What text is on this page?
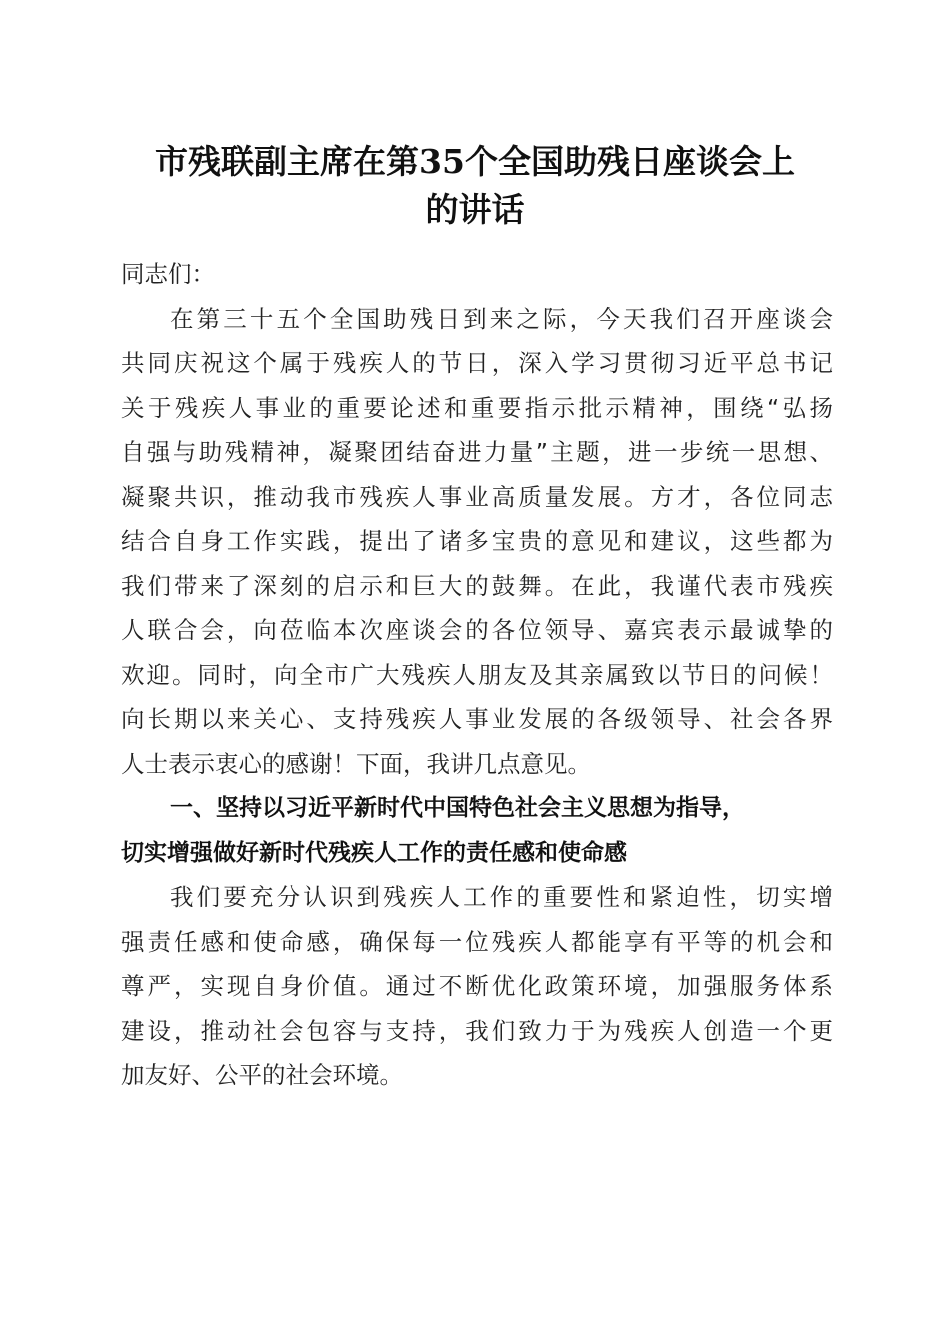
市残联副主席在第35个全国助残日座谈会上
的讲话
同志们：
在第三十五个全国助残日到来之际，今天我们召开座谈会
共同庆祝这个属于残疾人的节日，深入学习贯彻习近平总书记
关于残疾人事业的重要论述和重要指示批示精神，围绕“弘扬
自强与助残精神，凝聚团结奋进力量”主题，进一步统一思想、
凝聚共识，推动我市残疾人事业高质量发展。方才，各位同志
结合自身工作实践，提出了诸多宝贵的意见和建议，这些都为
我们带来了深刻的启示和巨大的鼓舞。在此，我谨代表市残疾
人联合会，向莅临本次座谈会的各位领导、嘉宾表示最诚挚的
欢迎。同时，向全市广大残疾人朋友及其亲属致以节日的问候！
向长期以来关心、支持残疾人事业发展的各级领导、社会各界
人士表示衷心的感谢！下面，我讲几点意见。
一、坚持以习近平新时代中国特色社会主义思想为指导，
切实增强做好新时代残疾人工作的责任感和使命感
我们要充分认识到残疾人工作的重要性和紧迫性，切实增
强责任感和使命感，确保每一位残疾人都能享有平等的机会和
尊严，实现自身价值。通过不断优化政策环境，加强服务体系
建设，推动社会包容与支持，我们致力于为残疾人创造一个更
加友好、公平的社会环境。
